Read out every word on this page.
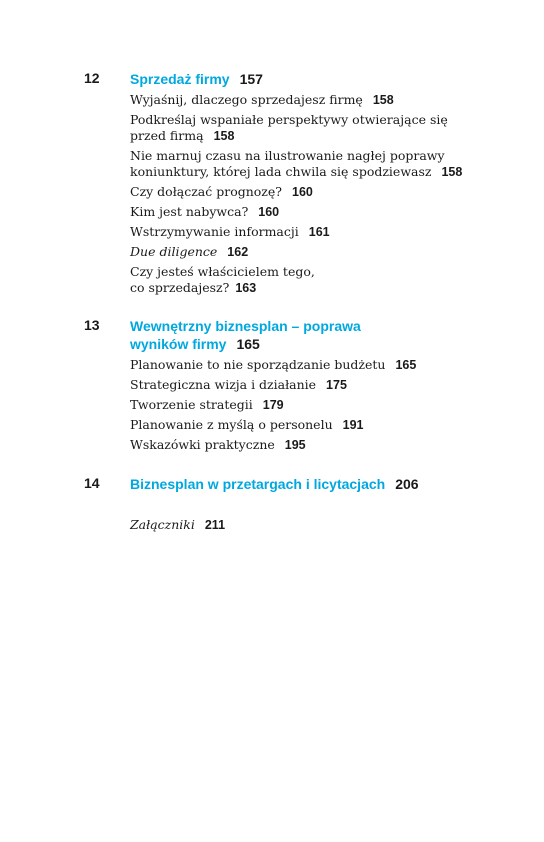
12 Sprzedaż firmy 157
Wyjaśnij, dlaczego sprzedajesz firmę 158
Podkreślaj wspaniałe perspektywy otwierające się
przed firmą 158
Nie marnuj czasu na ilustrowanie nagłej poprawy
koniunktury, której lada chwila się spodziewasz 158
Czy dołączać prognozę? 160
Kim jest nabywca? 160
Wstrzymywanie informacji 161
Due diligence 162
Czy jesteś właścicielem tego,
co sprzedajesz? 163
13 Wewnętrzny biznesplan – poprawa
wyników firmy 165
Planowanie to nie sporządzanie budżetu 165
Strategiczna wizja i działanie 175
Tworzenie strategii 179
Planowanie z myślą o personelu 191
Wskazówki praktyczne 195
14 Biznesplan w przetargach i licytacjach 206
Załączniki 211
